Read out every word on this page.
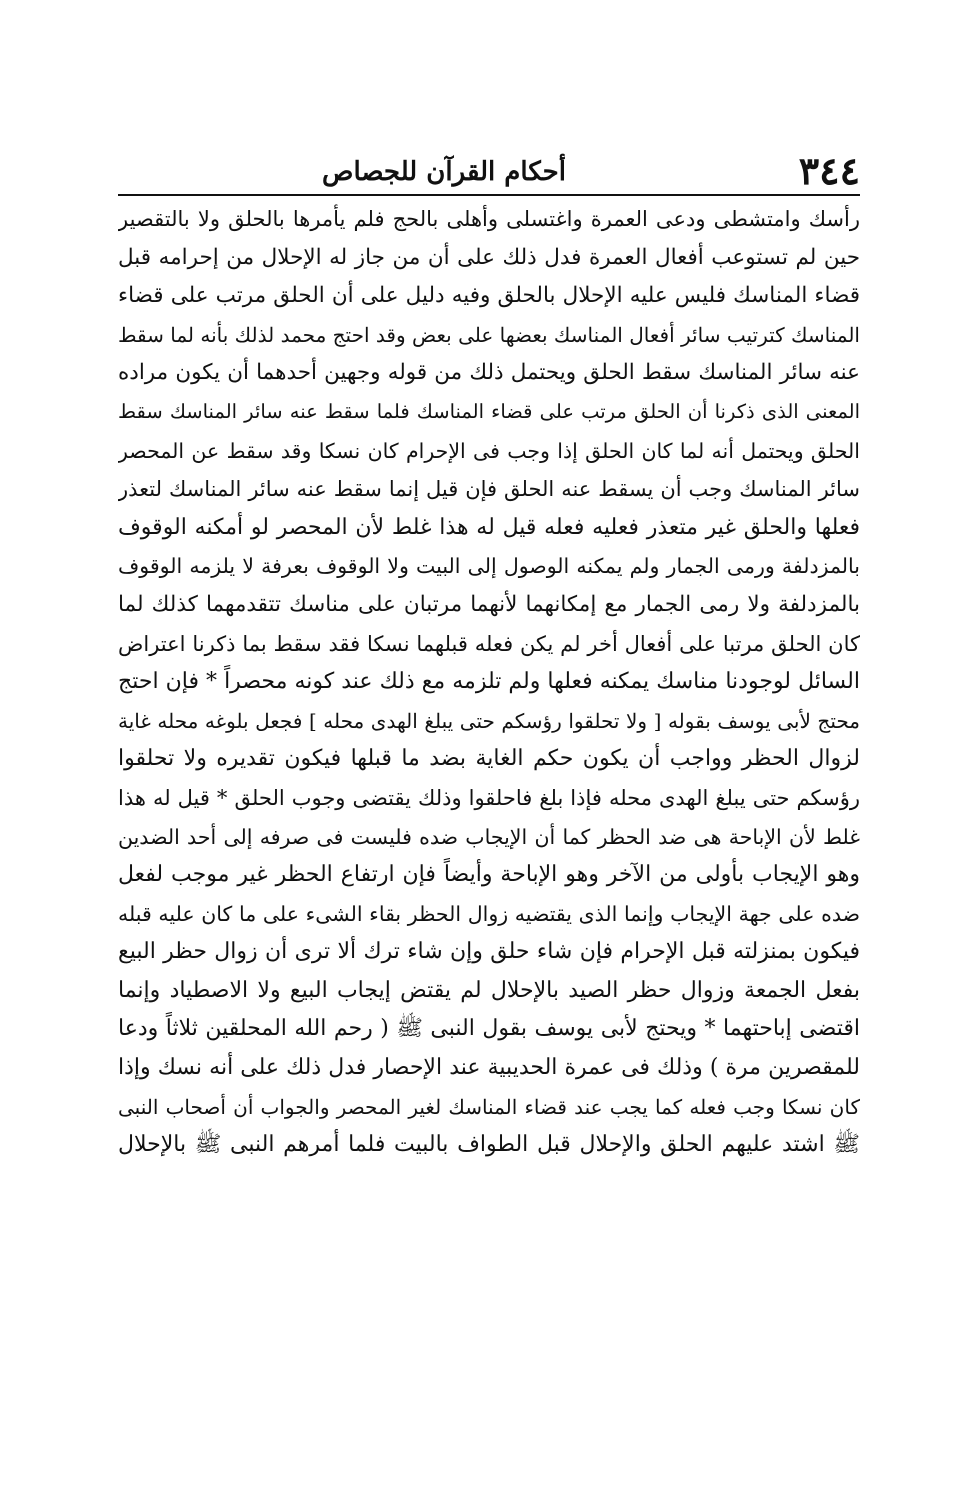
٣٤٤
أحكام القرآن للجصاص
رأسك وامتشطى ودعى العمرة واغتسلى وأهلى بالحج فلم يأمرها بالحلق ولا بالتقصير
حين لم تستوعب أفعال العمرة فدل ذلك على أن من جاز له الإحلال من إحرامه قبل
قضاء المناسك فليس عليه الإحلال بالحلق وفيه دليل على أن الحلق مرتب على قضاء
المناسك كترتيب سائر أفعال المناسك بعضها على بعض وقد احتج محمد لذلك بأنه لما سقط
عنه سائر المناسك سقط الحلق ويحتمل ذلك من قوله وجهين أحدهما أن يكون مراده
المعنى الذى ذكرنا أن الحلق مرتب على قضاء المناسك فلما سقط عنه سائر المناسك سقط
الحلق ويحتمل أنه لما كان الحلق إذا وجب فى الإحرام كان نسكا وقد سقط عن المحصر
سائر المناسك وجب أن يسقط عنه الحلق فإن قيل إنما سقط عنه سائر المناسك لتعذر
فعلها والحلق غير متعذر فعليه فعله قيل له هذا غلط لأن المحصر لو أمكنه الوقوف
بالمزدلفة ورمى الجمار ولم يمكنه الوصول إلى البيت ولا الوقوف بعرفة لا يلزمه الوقوف
بالمزدلفة ولا رمى الجمار مع إمكانهما لأنهما مرتبان على مناسك تتقدمهما كذلك لما
كان الحلق مرتبا على أفعال أخر لم يكن فعله قبلهما نسكا فقد سقط بما ذكرنا اعتراض
السائل لوجودنا مناسك يمكنه فعلها ولم تلزمه مع ذلك عند كونه محصراً ‌* فإن احتج
محتج لأبى يوسف بقوله [ ولا تحلقوا رؤسكم حتى يبلغ الهدى محله ] فجعل بلوغه محله غاية
لزوال الحظر وواجب أن يكون حكم الغاية بضد ما قبلها فيكون تقديره ولا تحلقوا
رؤسكم حتى يبلغ الهدى محله فإذا بلغ فاحلقوا وذلك يقتضى وجوب الحلق ‌* قيل له هذا
غلط لأن الإباحة هى ضد الحظر كما أن الإيجاب ضده فليست فى صرفه إلى أحد الضدين
وهو الإيجاب بأولى من الآخر وهو الإباحة وأيضاً فإن ارتفاع الحظر غير موجب لفعل
ضده على جهة الإيجاب وإنما الذى يقتضيه زوال الحظر بقاء الشىء على ما كان عليه قبله
فيكون بمنزلته قبل الإحرام فإن شاء حلق وإن شاء ترك ألا ترى أن زوال حظر البيع
بفعل الجمعة وزوال حظر الصيد بالإحلال لم يقتض إيجاب البيع ولا الاصطياد وإنما
اقتضى إباحتهما ‌* ويحتج لأبى يوسف بقول النبى ﷺ ( رحم الله المحلقين ثلاثاً ودعا
للمقصرين مرة ) وذلك فى عمرة الحديبية عند الإحصار فدل ذلك على أنه نسك وإذا
كان نسكا وجب فعله كما يجب عند قضاء المناسك لغير المحصر والجواب أن أصحاب النبى
ﷺ اشتد عليهم الحلق والإحلال قبل الطواف بالبيت فلما أمرهم النبى ﷺ بالإحلال
